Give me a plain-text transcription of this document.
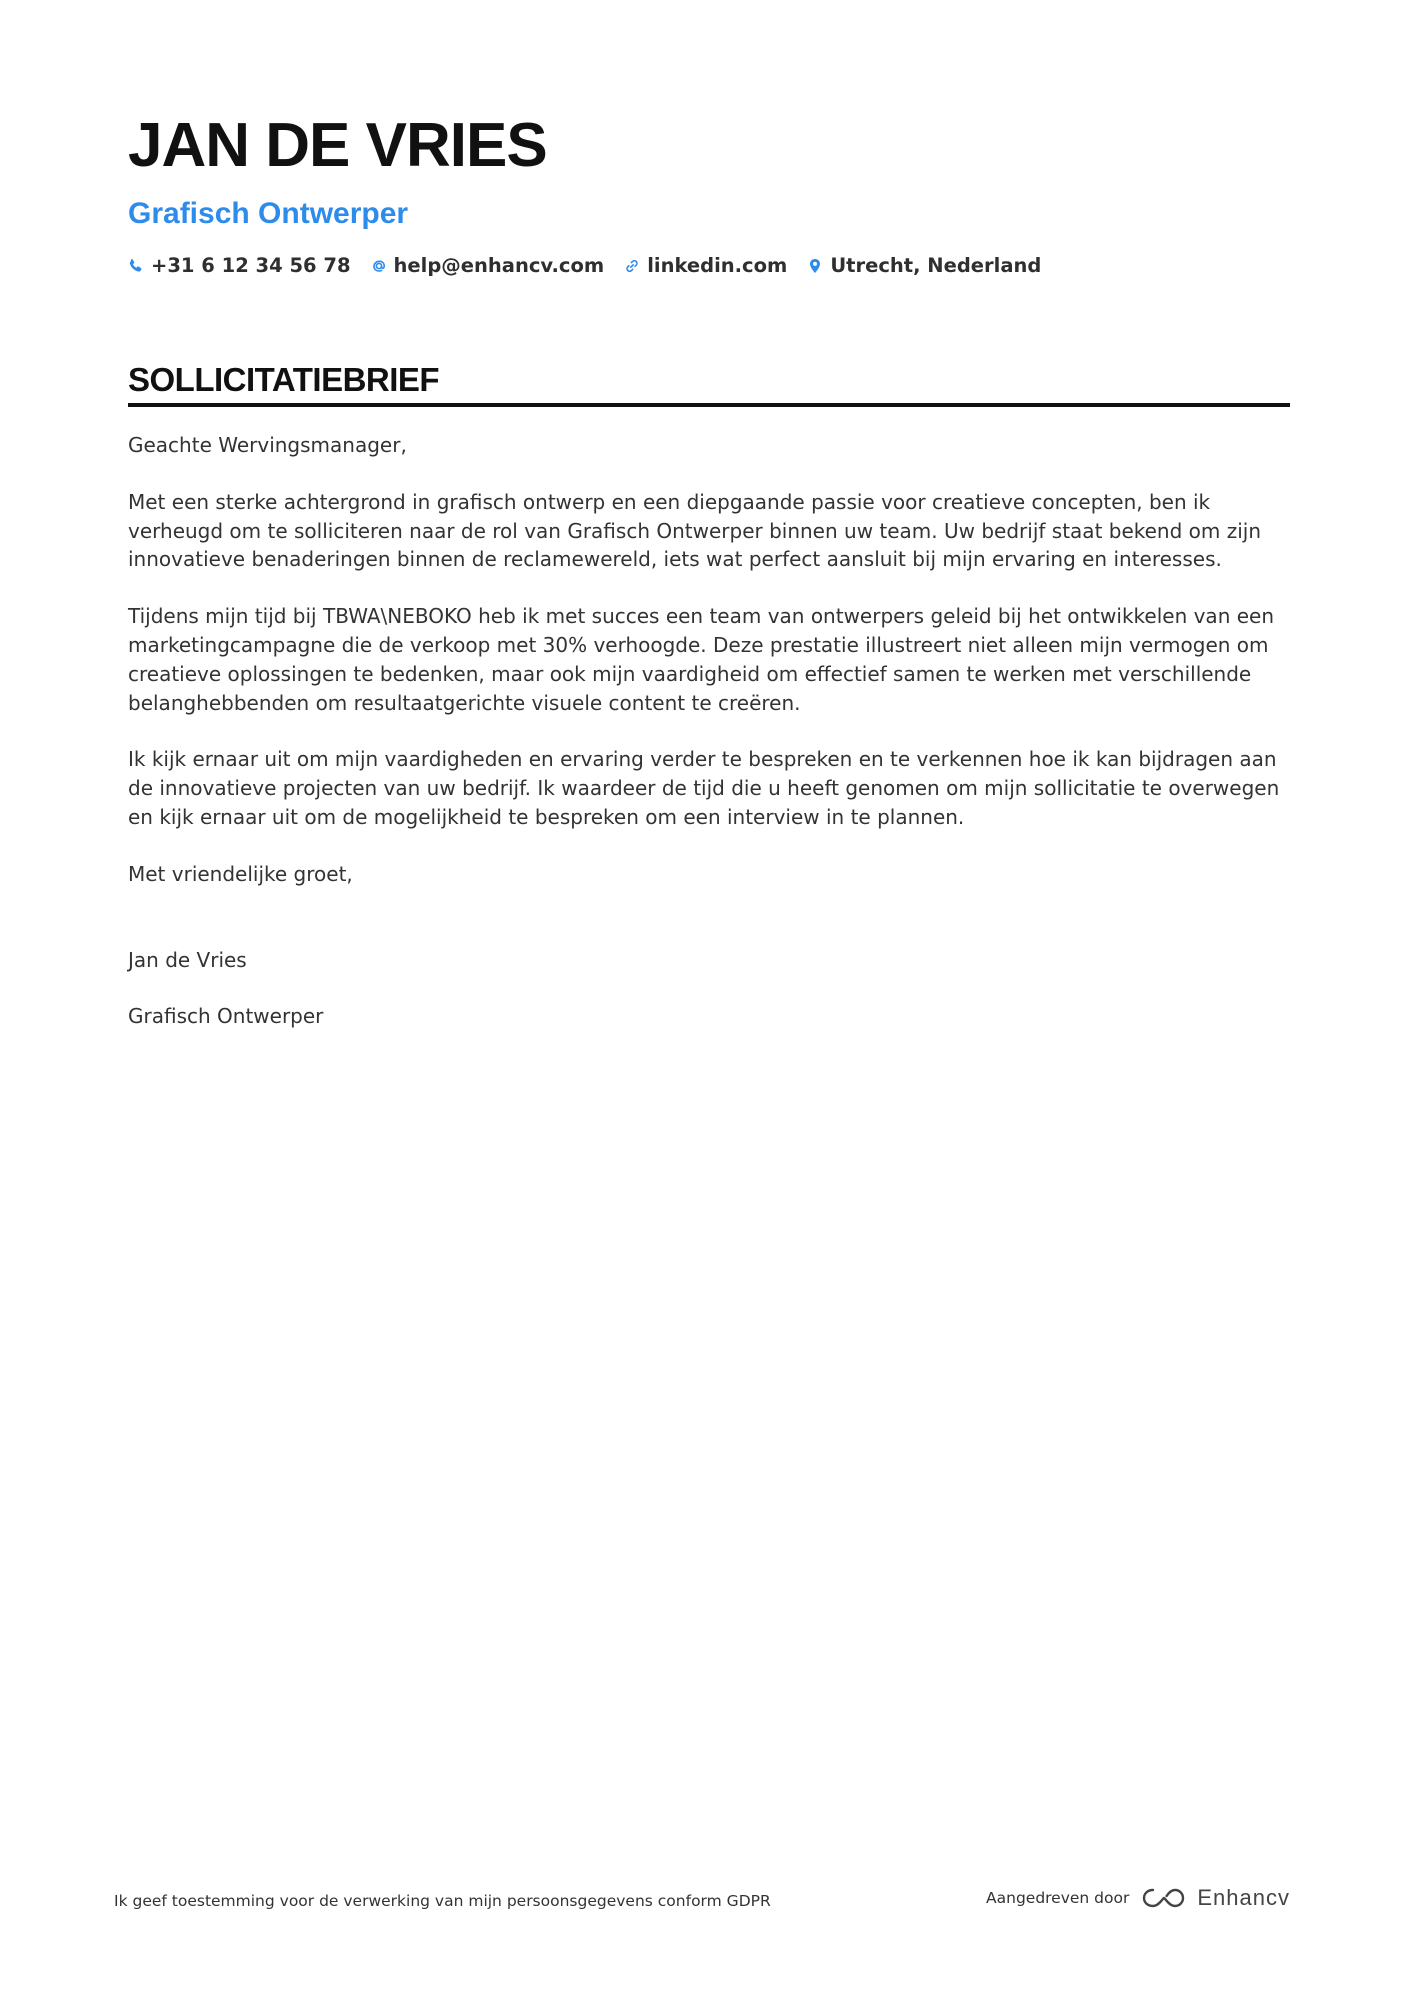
JAN DE VRIES
Grafisch Ontwerper
+31 6 12 34 56 78 help@enhancv.com linkedin.com Utrecht, Nederland
SOLLICITATIEBRIEF

Geachte Wervingsmanager,

Met een sterke achtergrond in grafisch ontwerp en een diepgaande passie voor creatieve concepten, ben ik verheugd om te solliciteren naar de rol van Grafisch Ontwerper binnen uw team. Uw bedrijf staat bekend om zijn innovatieve benaderingen binnen de reclamewereld, iets wat perfect aansluit bij mijn ervaring en interesses.

Tijdens mijn tijd bij TBWA\NEBOKO heb ik met succes een team van ontwerpers geleid bij het ontwikkelen van een marketingcampagne die de verkoop met 30% verhoogde. Deze prestatie illustreert niet alleen mijn vermogen om creatieve oplossingen te bedenken, maar ook mijn vaardigheid om effectief samen te werken met verschillende belanghebbenden om resultaatgerichte visuele content te creëren.

Ik kijk ernaar uit om mijn vaardigheden en ervaring verder te bespreken en te verkennen hoe ik kan bijdragen aan de innovatieve projecten van uw bedrijf. Ik waardeer de tijd die u heeft genomen om mijn sollicitatie te overwegen en kijk ernaar uit om de mogelijkheid te bespreken om een interview in te plannen.

Met vriendelijke groet,

Jan de Vries

Grafisch Ontwerper

Ik geef toestemming voor de verwerking van mijn persoonsgegevens conform GDPR	Aangedreven door	Enhancv
